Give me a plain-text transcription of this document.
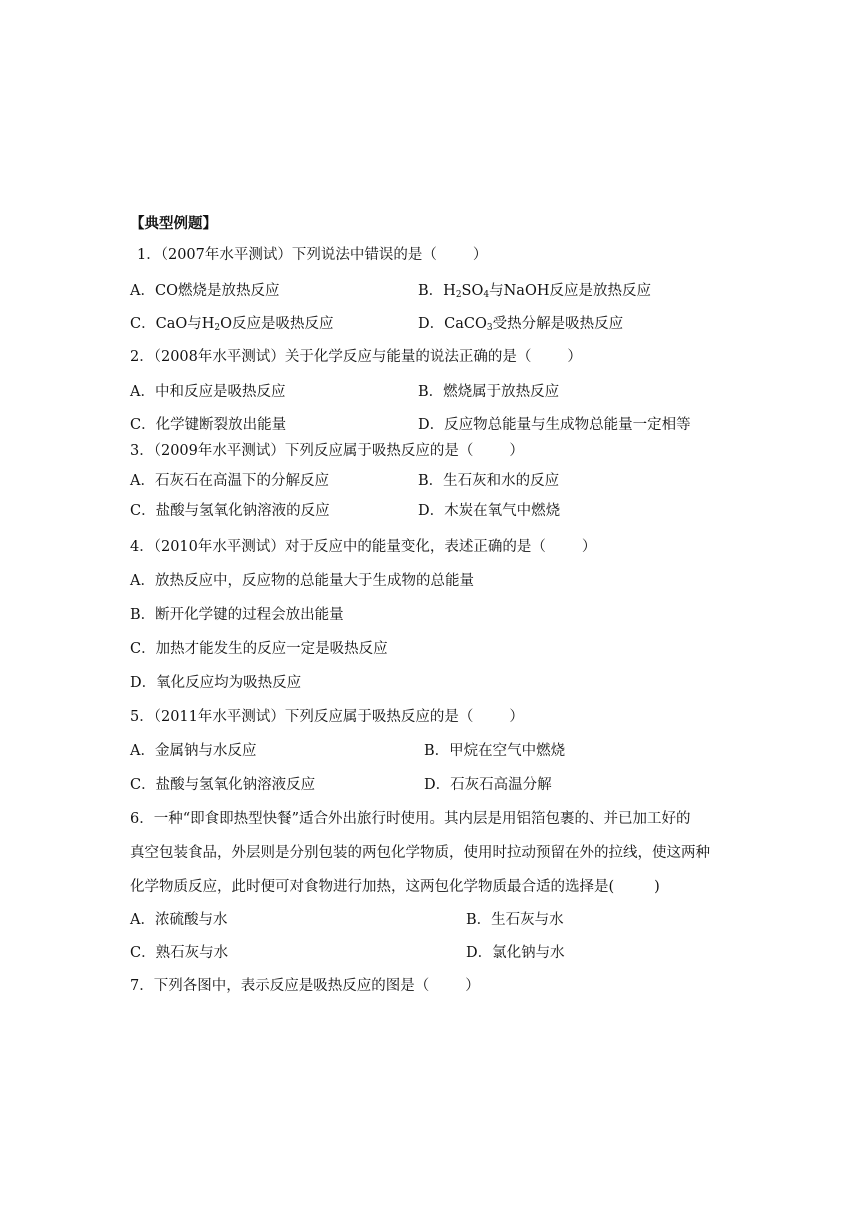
【典型例题】
1．（2007年水平测试）下列说法中错误的是（ ）
A．CO燃烧是放热反应	B．$H_2SO_4$与NaOH反应是放热反应
C．CaO与$H_2O$反应是吸热反应	D．CaCO$_3$受热分解是吸热反应
2．（2008年水平测试）关于化学反应与能量的说法正确的是（ ）
A．中和反应是吸热反应	B．燃烧属于放热反应
C．化学键断裂放出能量	D．反应物总能量与生成物总能量一定相等
3．（2009年水平测试）下列反应属于吸热反应的是（ ）
A．石灰石在高温下的分解反应	B．生石灰和水的反应
C．盐酸与氢氧化钠溶液的反应	D．木炭在氧气中燃烧
4．（2010年水平测试）对于反应中的能量变化，表述正确的是（ ）
A．放热反应中，反应物的总能量大于生成物的总能量
B．断开化学键的过程会放出能量
C．加热才能发生的反应一定是吸热反应
D．氧化反应均为吸热反应
5．（2011年水平测试）下列反应属于吸热反应的是（ ）
A．金属钠与水反应	B．甲烷在空气中燃烧
C．盐酸与氢氧化钠溶液反应	D．石灰石高温分解
6．一种“即食即热型快餐”适合外出旅行时使用。其内层是用铝箔包裹的、并已加工好的
真空包装食品，外层则是分别包装的两包化学物质，使用时拉动预留在外的拉线，使这两种
化学物质反应，此时便可对食物进行加热，这两包化学物质最合适的选择是(	)
A．浓硫酸与水	B．生石灰与水
C．熟石灰与水	D．氯化钠与水
7．下列各图中，表示反应是吸热反应的图是（ ）
